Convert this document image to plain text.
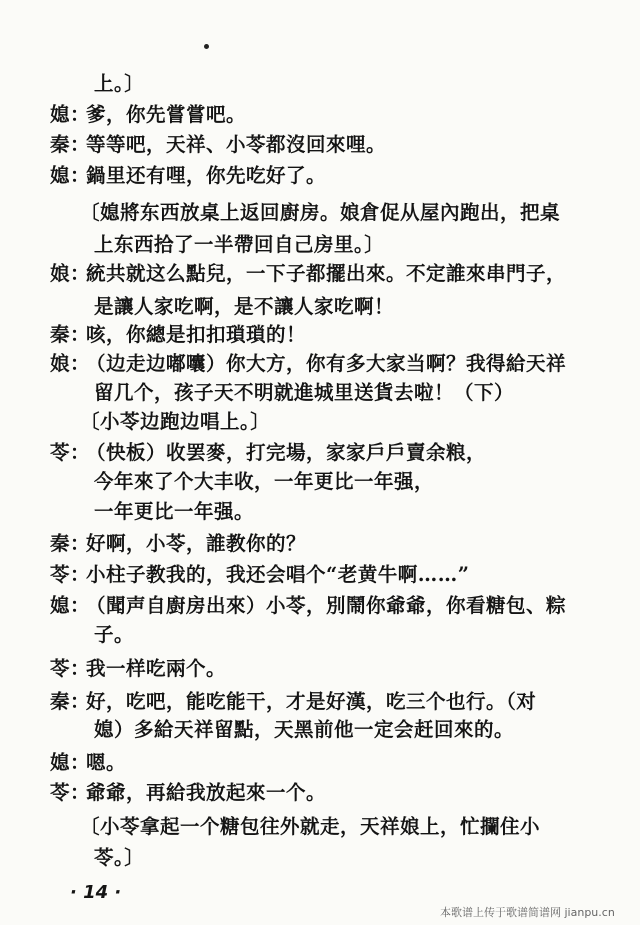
上。〕
媳：爹，你先嘗嘗吧。
秦：等等吧，天祥、小苓都沒回來哩。
媳：鍋里还有哩，你先吃好了。
〔媳將东西放桌上返回廚房。娘倉促从屋內跑出，把桌
上东西拾了一半帶回自己房里。〕
娘：統共就这么點兒，一下子都擺出來。不定誰來串門子，
是讓人家吃啊，是不讓人家吃啊！
秦：咳，你總是扣扣瑣瑣的！
娘：（边走边嘟囔）你大方，你有多大家当啊？我得給天祥
留几个，孩子天不明就進城里送貨去啦！（下）
〔小苓边跑边唱上。〕
苓：（快板）收罢麥，打完場，家家戶戶賣余粮，
今年來了个大丰收，一年更比一年强，
一年更比一年强。
秦：好啊，小苓，誰教你的？
苓：小柱子教我的，我还会唱个“老黄牛啊……”
媳：（聞声自廚房出來）小苓，別鬧你爺爺，你看糖包、粽
子。
苓：我一样吃兩个。
秦：好，吃吧，能吃能干，才是好漢，吃三个也行。（对
媳）多給天祥留點，天黑前他一定会赶回來的。
媳：嗯。
苓：爺爺，再給我放起來一个。
〔小苓拿起一个糖包往外就走，天祥娘上，忙攔住小
苓。〕
· 14 ·
本歌谱上传于歌谱简谱网 jianpu.cn
